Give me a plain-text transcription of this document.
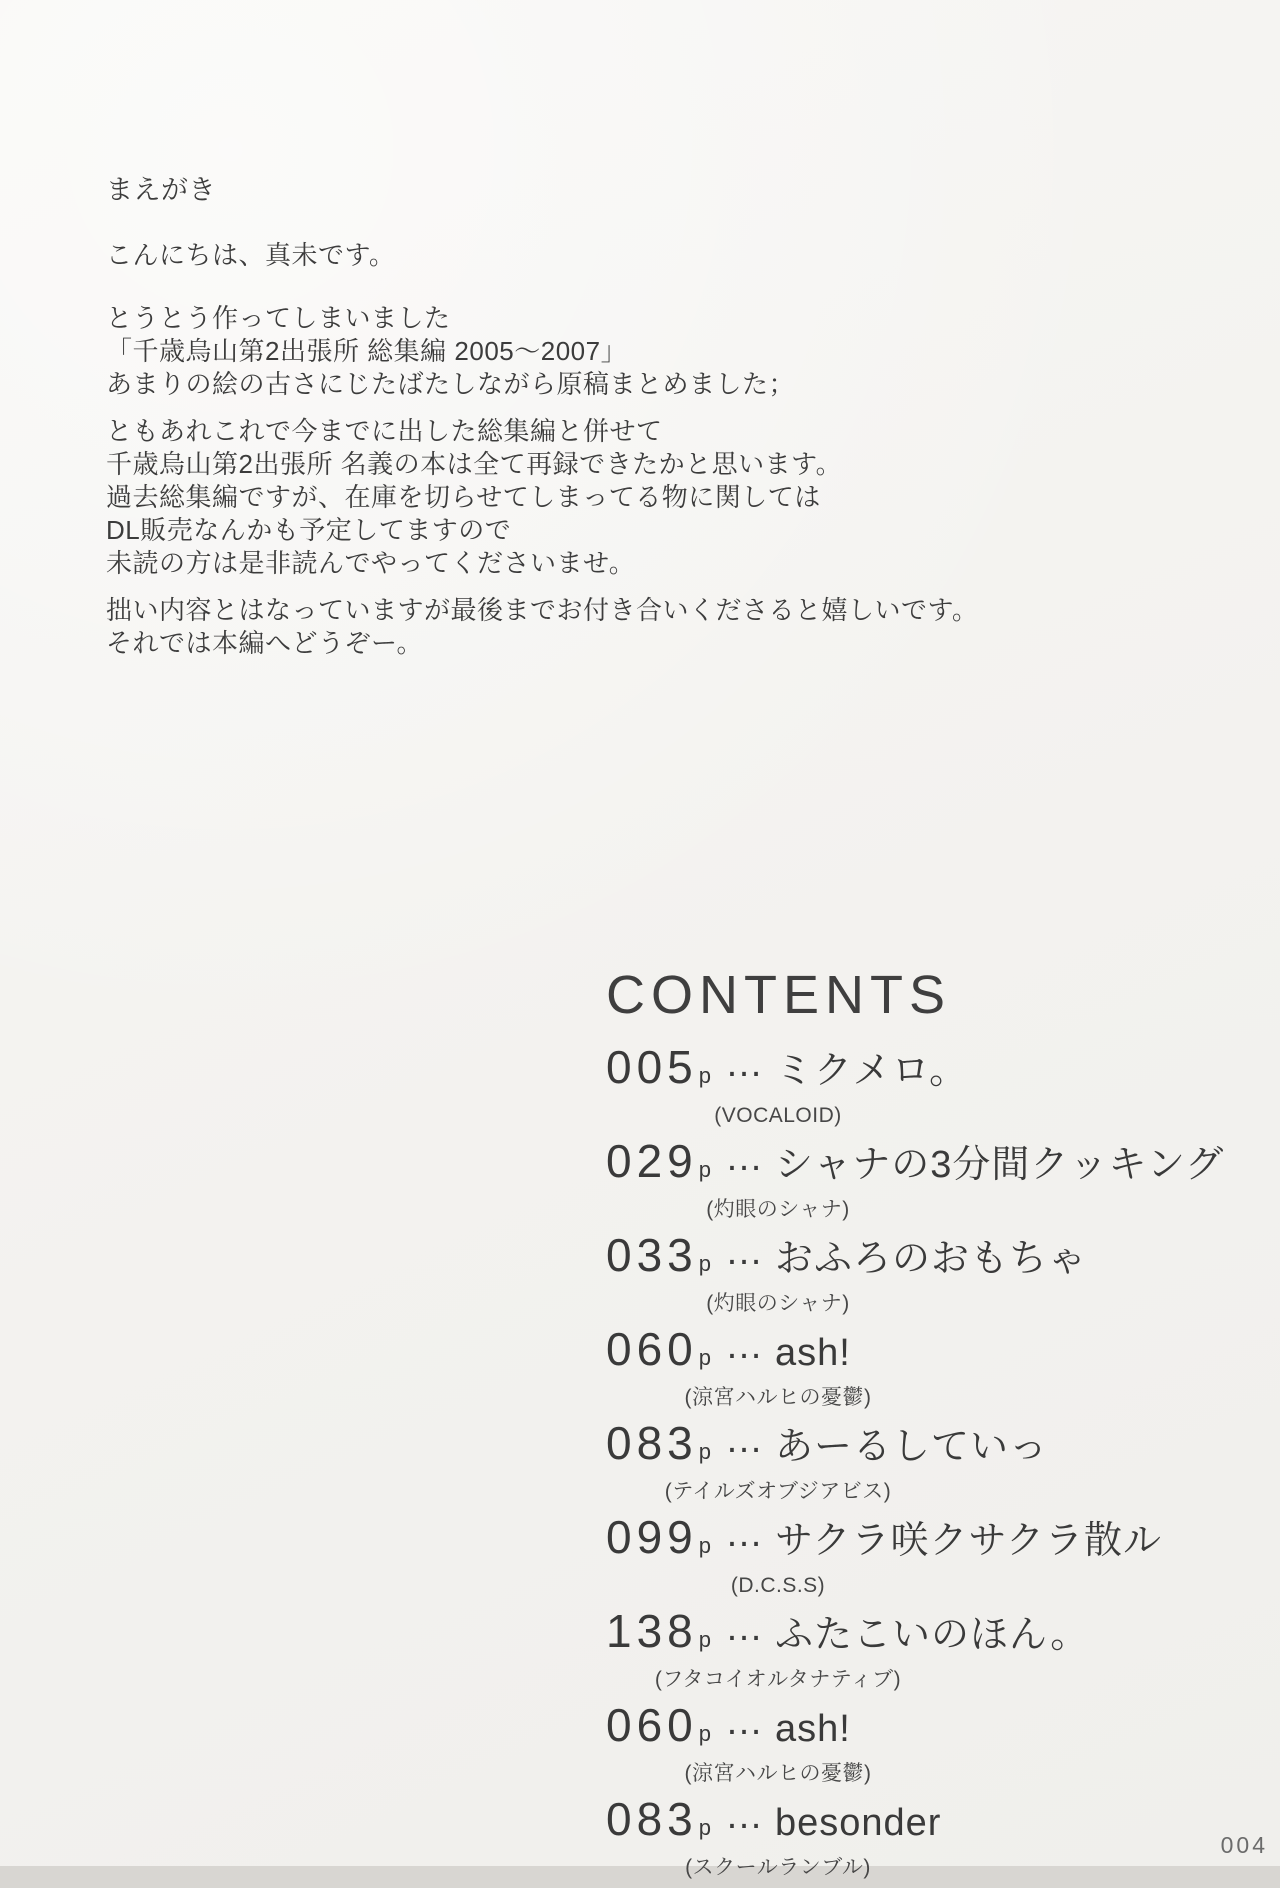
まえがき
こんにちは、真未です。
とうとう作ってしまいました
「千歳烏山第2出張所 総集編 2005～2007」
あまりの絵の古さにじたばたしながら原稿まとめました；
ともあれこれで今までに出した総集編と併せて
千歳烏山第2出張所 名義の本は全て再録できたかと思います。
過去総集編ですが、在庫を切らせてしまってる物に関しては
DL販売なんかも予定してますので
未読の方は是非読んでやってくださいませ。
拙い内容とはなっていますが最後までお付き合いくださると嬉しいです。
それでは本編へどうぞー。
CONTENTS
005p … ミクメロ。
(VOCALOID)
029p … シャナの3分間クッキング
(灼眼のシャナ)
033p … おふろのおもちゃ
(灼眼のシャナ)
060p … ash!
(涼宮ハルヒの憂鬱)
083p … あーるしていっ
(テイルズオブジアビス)
099p … サクラ咲クサクラ散ル
(D.C.S.S)
138p … ふたこいのほん。
(フタコイオルタナティブ)
060p … ash!
(涼宮ハルヒの憂鬱)
083p … besonder
(スクールランブル)
004
